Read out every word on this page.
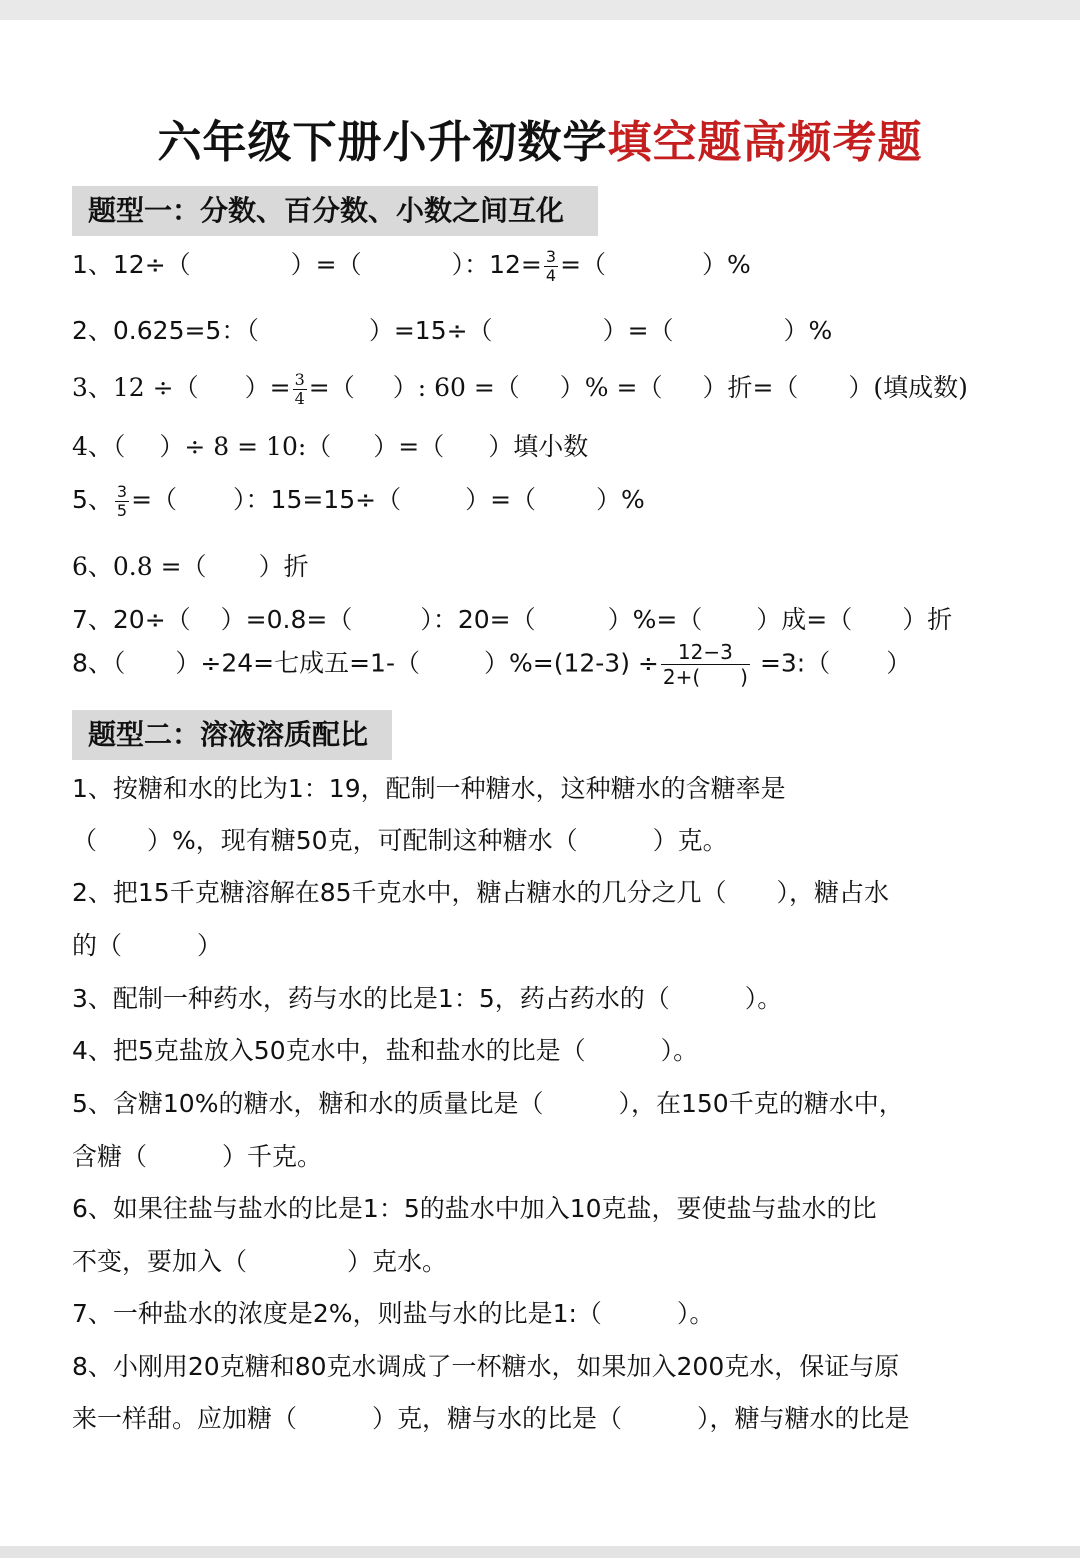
六年级下册小升初数学填空题高频考题
题型一：分数、百分数、小数之间互化
1、12÷（	）=（	）：$12= \frac{3}{4}$ =（	）%
2、0.625=5：（	）=15÷（	）=（	）%
3、12 ÷（ ）= $\frac{3}{4}$ =（ ）: 60 =（ ）% =（ ）折=（ ）(填成数)
4、（ ）÷ 8 = 10:（ ）=（ ）填小数
5、 $\frac{3}{5}$ =（ ）：15=15÷（	）=（ ）%
6、0.8 =（ ）折
7、20÷（ ）=0.8=（	）：20=（	）%=（ ）成=（ ）折
8、（ ）÷24=七成五=1-（	）$\%=(12-3) \div \frac{12-3}{2+( )}$ =3:（ ）
题型二：溶液溶质配比
1、按糖和水的比为1：19，配制一种糖水，这种糖水的含糖率是
（　　）%，现有糖50克，可配制这种糖水（　　　）克。
2、把15千克糖溶解在85千克水中，糖占糖水的几分之几（　　），糖占水
的（　　　）
3、配制一种药水，药与水的比是1：5，药占药水的（　　　）。
4、把5克盐放入50克水中，盐和盐水的比是（　　　）。
5、含糖10%的糖水，糖和水的质量比是（　　　），在150千克的糖水中，
含糖（　　　）千克。
6、如果往盐与盐水的比是1：5的盐水中加入10克盐，要使盐与盐水的比
不变，要加入（　　　　）克水。
7、一种盐水的浓度是2%，则盐与水的比是1:（　　　）。
8、小刚用20克糖和80克水调成了一杯糖水，如果加入200克水，保证与原
来一样甜。应加糖（　　　）克，糖与水的比是（　　　），糖与糖水的比是
